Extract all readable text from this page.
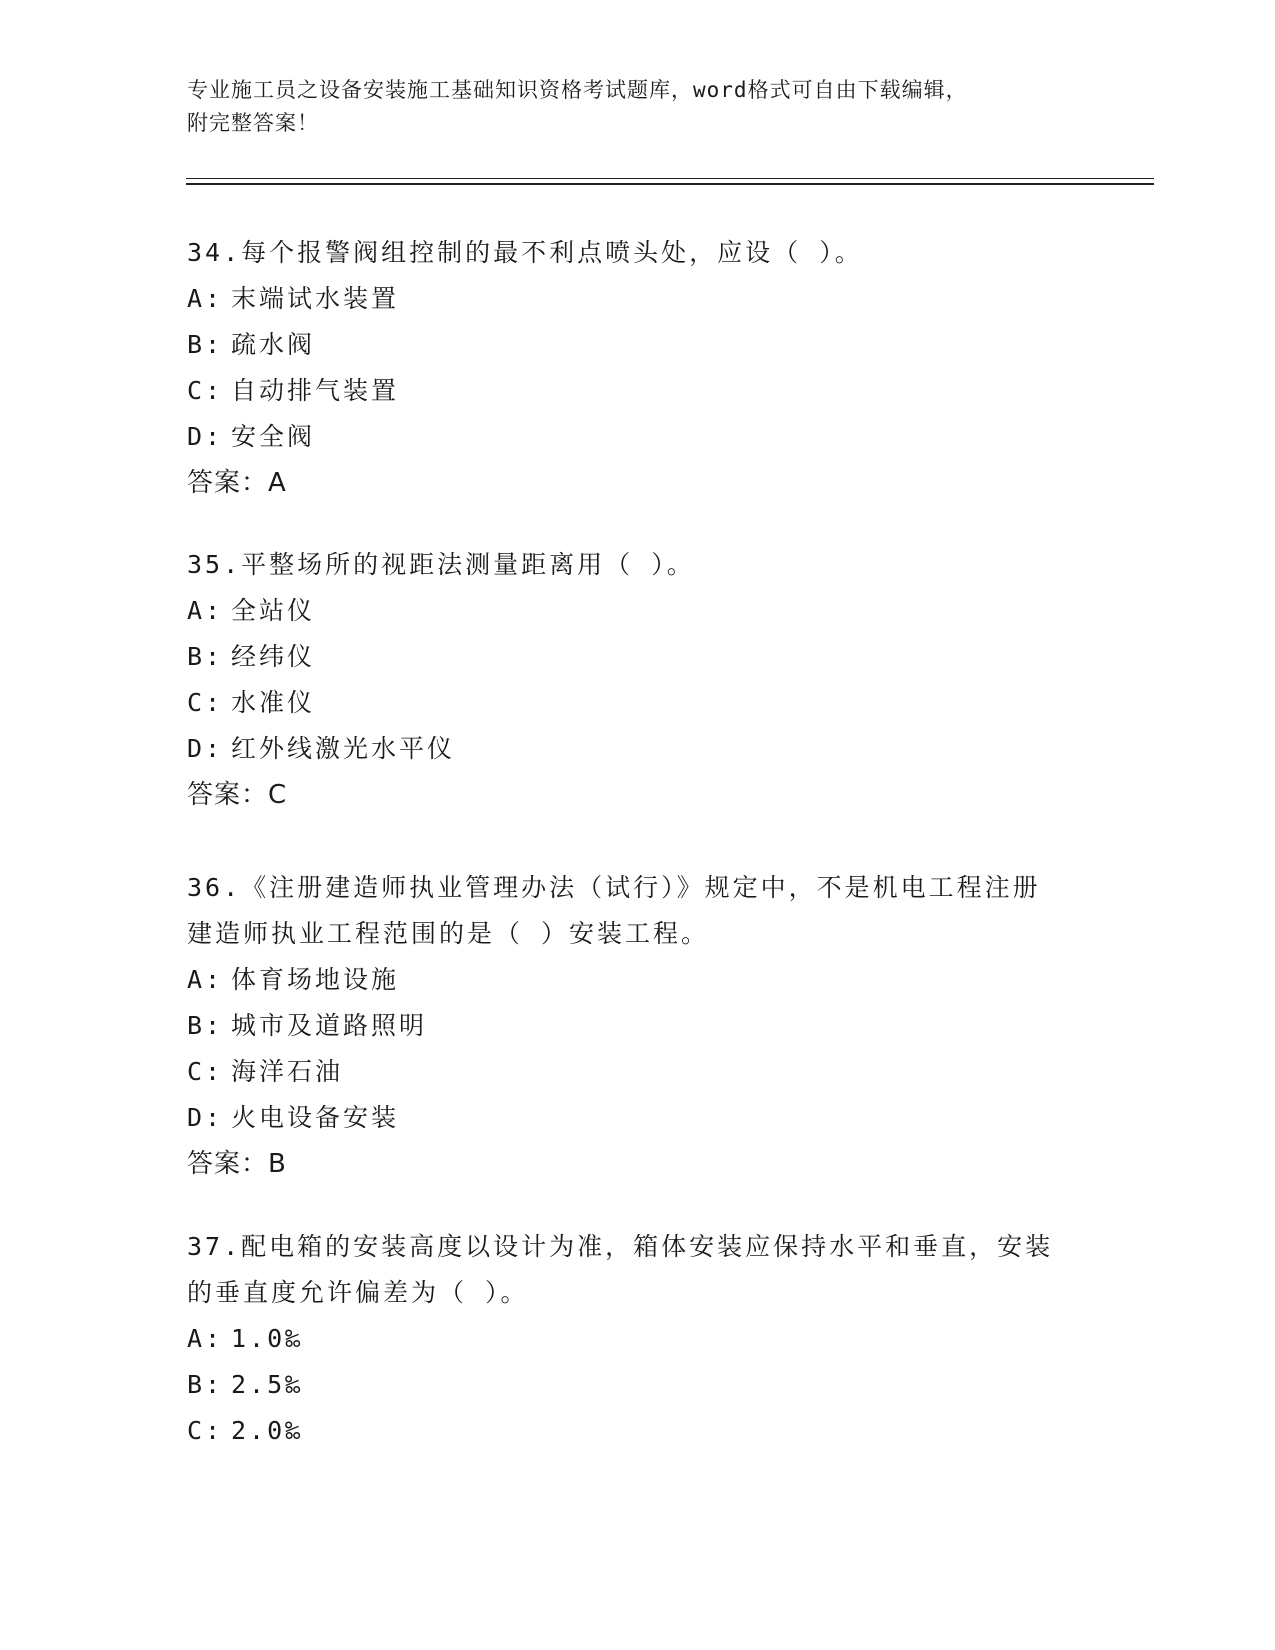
专业施工员之设备安装施工基础知识资格考试题库，word格式可自由下载编辑，
附完整答案！

34.每个报警阀组控制的最不利点喷头处，应设（ ）。

A: 末端试水装置

B: 疏水阀

C: 自动排气装置

D: 安全阀

答案：A

35.平整场所的视距法测量距离用（ ）。

A: 全站仪

B: 经纬仪

C: 水准仪

D: 红外线激光水平仪

答案：C

36.《注册建造师执业管理办法（试行）》规定中，不是机电工程注册

建造师执业工程范围的是（ ）安装工程。

A: 体育场地设施

B: 城市及道路照明

C: 海洋石油

D: 火电设备安装

答案：B

37.配电箱的安装高度以设计为准，箱体安装应保持水平和垂直，安装

的垂直度允许偏差为（ ）。

A: 1.0‰

B: 2.5‰

C: 2.0‰
